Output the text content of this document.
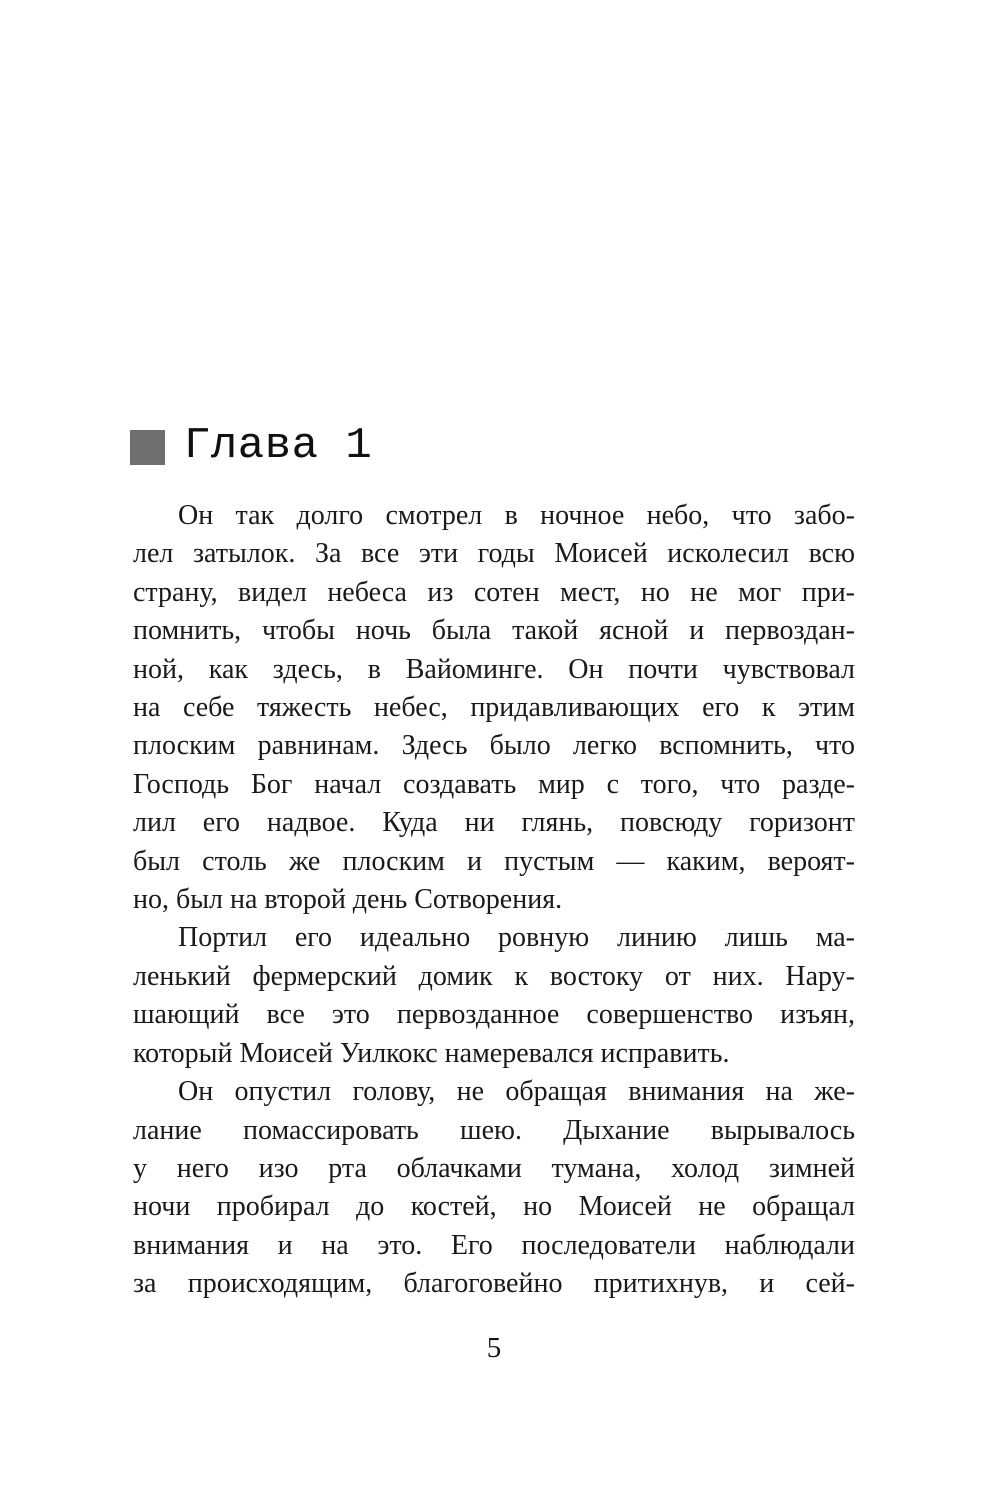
Глава 1
Он так долго смотрел в ночное небо, что забо-
лел затылок. За все эти годы Моисей исколесил всю
страну, видел небеса из сотен мест, но не мог при-
помнить, чтобы ночь была такой ясной и первоздан-
ной, как здесь, в Вайоминге. Он почти чувствовал
на себе тяжесть небес, придавливающих его к этим
плоским равнинам. Здесь было легко вспомнить, что
Господь Бог начал создавать мир с того, что разде-
лил его надвое. Куда ни глянь, повсюду горизонт
был столь же плоским и пустым — каким, вероят-
но, был на второй день Сотворения.
Портил его идеально ровную линию лишь ма-
ленький фермерский домик к востоку от них. Нару-
шающий все это первозданное совершенство изъян,
который Моисей Уилкокс намеревался исправить.
Он опустил голову, не обращая внимания на же-
лание помассировать шею. Дыхание вырывалось
у него изо рта облачками тумана, холод зимней
ночи пробирал до костей, но Моисей не обращал
внимания и на это. Его последователи наблюдали
за происходящим, благоговейно притихнув, и сей-
5
